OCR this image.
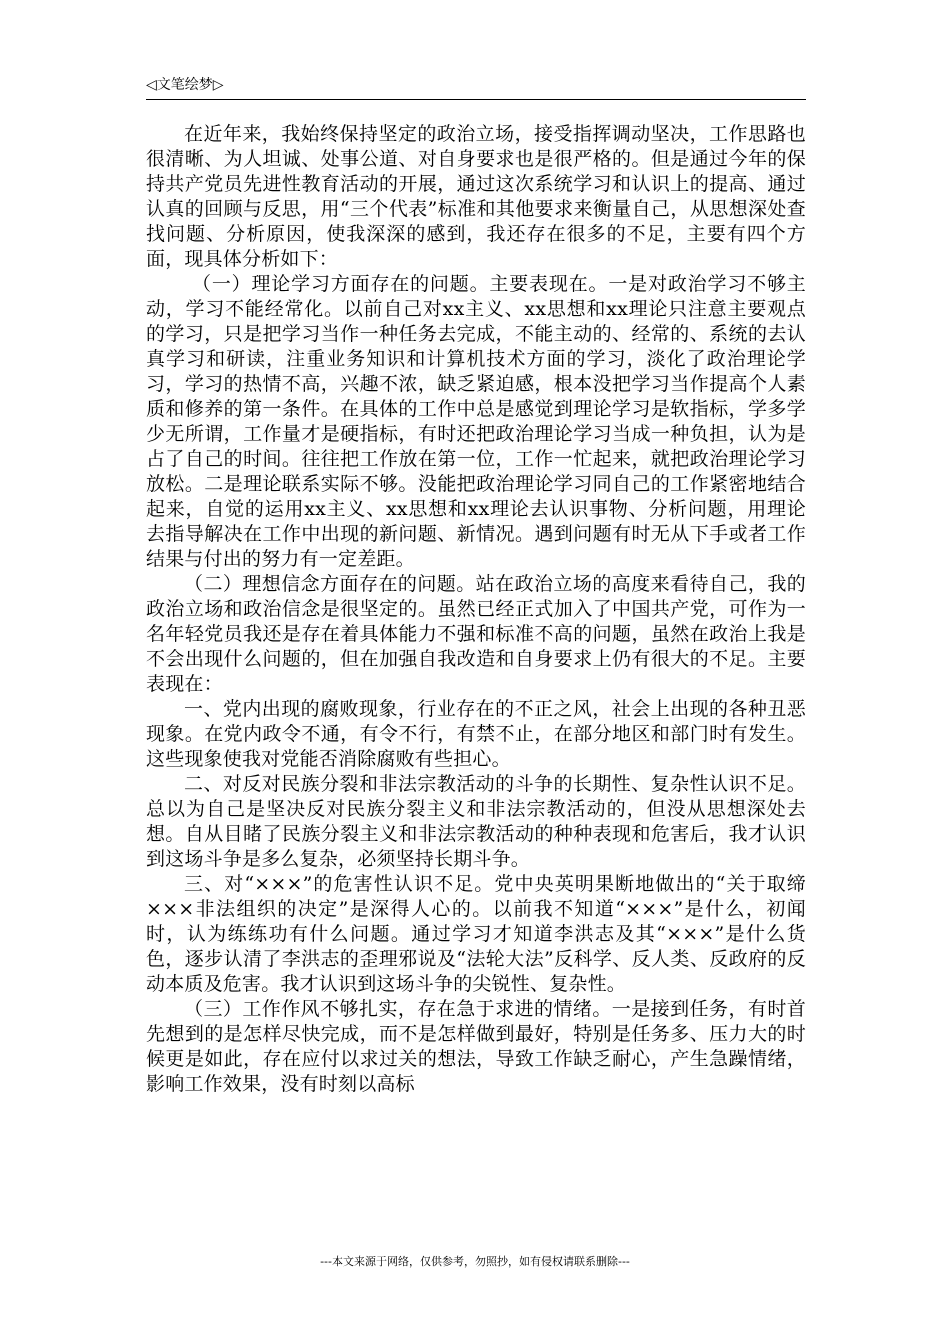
◁文笔绘梦▷

在近年来，我始终保持坚定的政治立场，接受指挥调动坚决，工作思路也很清晰、为人坦诚、处事公道、对自身要求也是很严格的。但是通过今年的保持共产党员先进性教育活动的开展，通过这次系统学习和认识上的提高、通过认真的回顾与反思，用“三个代表”标准和其他要求来衡量自己，从思想深处查找问题、分析原因，使我深深的感到，我还存在很多的不足，主要有四个方面，现具体分析如下：

（一）理论学习方面存在的问题。主要表现在。一是对政治学习不够主动，学习不能经常化。以前自己对xx主义、xx思想和xx理论只注意主要观点的学习，只是把学习当作一种任务去完成，不能主动的、经常的、系统的去认真学习和研读，注重业务知识和计算机技术方面的学习，淡化了政治理论学习，学习的热情不高，兴趣不浓，缺乏紧迫感，根本没把学习当作提高个人素质和修养的第一条件。在具体的工作中总是感觉到理论学习是软指标，学多学少无所谓，工作量才是硬指标，有时还把政治理论学习当成一种负担，认为是占了自己的时间。往往把工作放在第一位，工作一忙起来，就把政治理论学习放松。二是理论联系实际不够。没能把政治理论学习同自己的工作紧密地结合起来，自觉的运用xx主义、xx思想和xx理论去认识事物、分析问题，用理论去指导解决在工作中出现的新问题、新情况。遇到问题有时无从下手或者工作结果与付出的努力有一定差距。

（二）理想信念方面存在的问题。站在政治立场的高度来看待自己，我的政治立场和政治信念是很坚定的。虽然已经正式加入了中国共产党，可作为一名年轻党员我还是存在着具体能力不强和标准不高的问题，虽然在政治上我是不会出现什么问题的，但在加强自我改造和自身要求上仍有很大的不足。主要表现在：

一、党内出现的腐败现象，行业存在的不正之风，社会上出现的各种丑恶现象。在党内政令不通，有令不行，有禁不止，在部分地区和部门时有发生。这些现象使我对党能否消除腐败有些担心。

二、对反对民族分裂和非法宗教活动的斗争的长期性、复杂性认识不足。总以为自己是坚决反对民族分裂主义和非法宗教活动的，但没从思想深处去想。自从目睹了民族分裂主义和非法宗教活动的种种表现和危害后，我才认识到这场斗争是多么复杂，必须坚持长期斗争。

三、对“×××”的危害性认识不足。党中央英明果断地做出的“关于取缔×××非法组织的决定”是深得人心的。以前我不知道“×××”是什么，初闻时，认为练练功有什么问题。通过学习才知道李洪志及其“×××”是什么货色，逐步认清了李洪志的歪理邪说及“法轮大法”反科学、反人类、反政府的反动本质及危害。我才认识到这场斗争的尖锐性、复杂性。

（三）工作作风不够扎实，存在急于求进的情绪。一是接到任务，有时首先想到的是怎样尽快完成，而不是怎样做到最好，特别是任务多、压力大的时候更是如此，存在应付以求过关的想法，导致工作缺乏耐心，产生急躁情绪，影响工作效果，没有时刻以高标

---本文来源于网络，仅供参考，勿照抄，如有侵权请联系删除---
